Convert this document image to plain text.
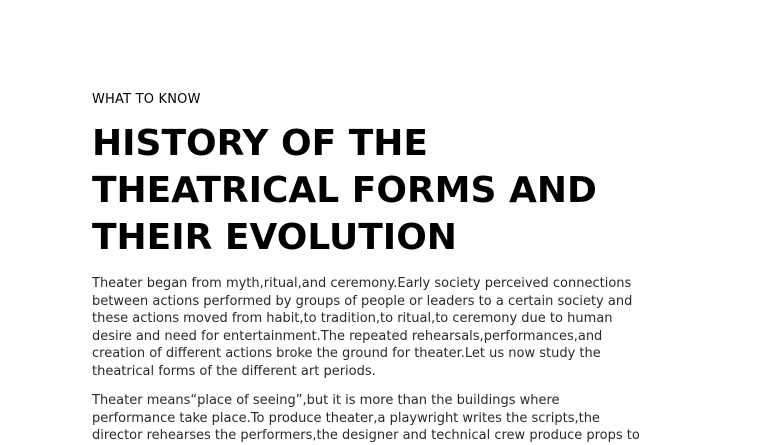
WHAT TO KNOW

HISTORY OF THE
THEATRICAL FORMS AND
THEIR EVOLUTION

Theater began from myth,ritual,and ceremony.Early society perceived connections
between actions performed by groups of people or leaders to a certain society and
these actions moved from habit,to tradition,to ritual,to ceremony due to human
desire and need for entertainment.The repeated rehearsals,performances,and
creation of different actions broke the ground for theater.Let us now study the
theatrical forms of the different art periods.

Theater means“place of seeing”,but it is more than the buildings where
performance take place.To produce theater,a playwright writes the scripts,the
director rehearses the performers,the designer and technical crew produce props to
